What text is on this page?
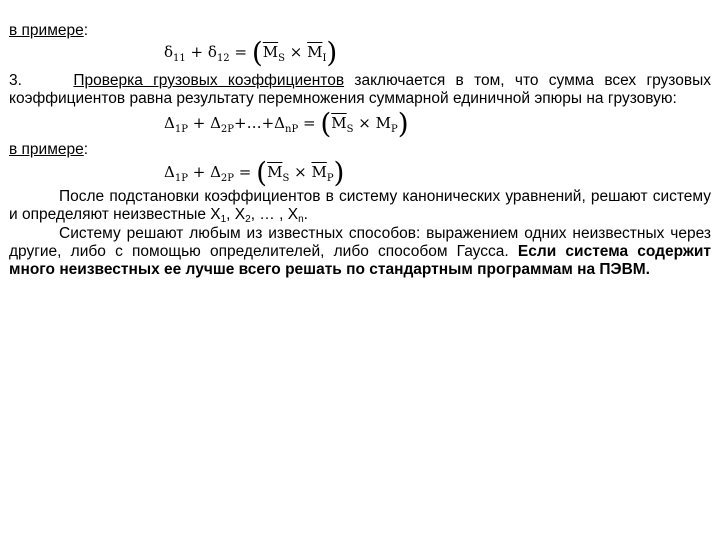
в примере:
$\delta_{11} + \delta_{12} = (\overline{M}_S \times \overline{M}_I)$
3.	Проверка грузовых коэффициентов заключается в том, что сумма всех грузовых
коэффициентов равна результату перемножения суммарной единичной эпюры на грузовую:
$\Delta_{1P}$ + $\Delta_{2P}+\dots+\Delta_{nP} = (\overline{M}_S \times M_P)$
в примере:
$\Delta_{1P} + \Delta_{2P} = (\overline{M}_S \times \overline{M}_P)$
После подстановки коэффициентов в систему канонических уравнений, решают систему и определяют неизвестные X1, X2, … , Xn.
Систему решают любым из известных способов: выражением одних неизвестных через другие, либо с помощью определителей, либо способом Гаусса. Если система содержит много неизвестных ее лучше всего решать по стандартным программам на ПЭВМ.
